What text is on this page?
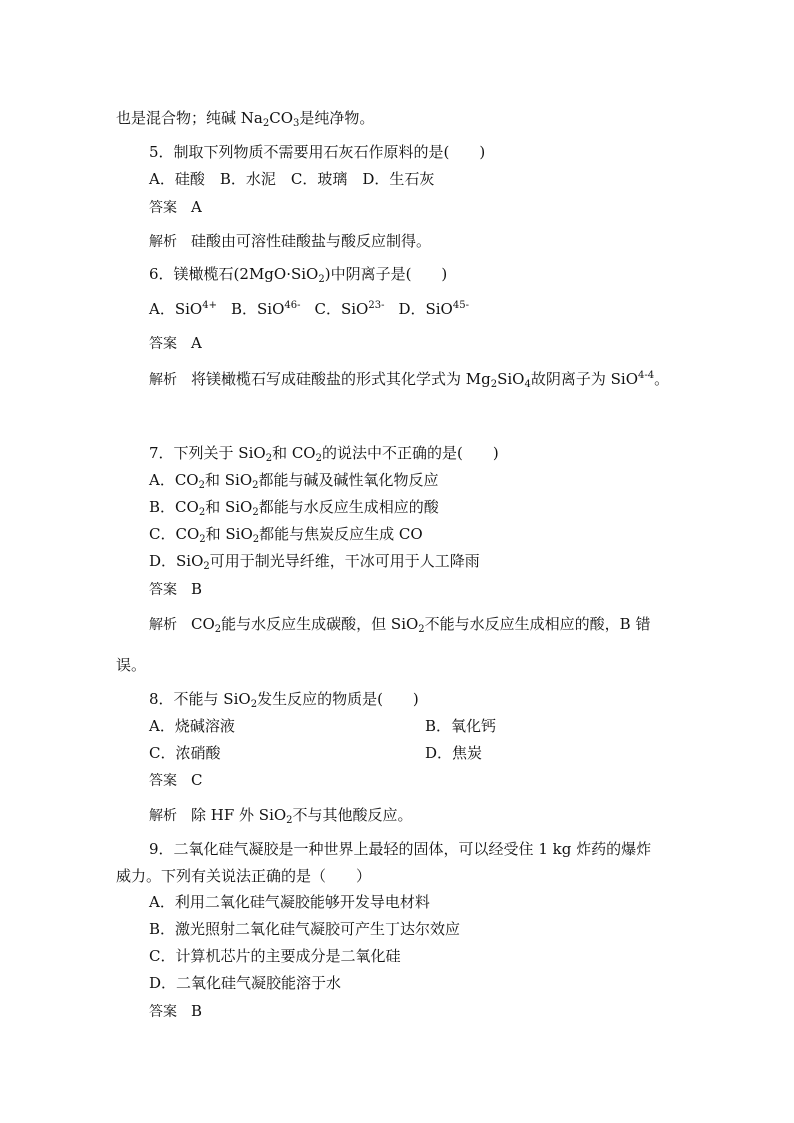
也是混合物；纯碱 $Na_2CO_3$是纯净物。
5．制取下列物质不需要用石灰石作原料的是(　　)
A．硅酸　B．水泥　C．玻璃　D．生石灰
答案 A
解析 硅酸由可溶性硅酸盐与酸反应制得。
6．镁橄榄石(2MgO·SiO$_2$)中阴离子是(　　)
A．SiO$^{4+}$ B．SiO$^{46-}$ C．SiO$^{23-}$ D．SiO$^{45-}$
答案 A
解析 将镁橄榄石写成硅酸盐的形式其化学式为 $Mg_2SiO_4$故阴离子为 SiO$^{4-4}$。
7．下列关于 SiO$_2$和 $CO_2$的说法中不正确的是(　　)
A．$CO_2$和 SiO$_2$都能与碱及碱性氧化物反应
B．$CO_2$和 SiO$_2$都能与水反应生成相应的酸
C．$CO_2$和 SiO$_2$都能与焦炭反应生成 CO
D．SiO$_2$可用于制光导纤维，干冰可用于人工降雨
答案 B
解析 $CO_2$能与水反应生成碳酸，但 SiO$_2$不能与水反应生成相应的酸，B 错
误。
8．不能与 SiO$_2$发生反应的物质是(　　)
A．烧碱溶液	B．氧化钙
C．浓硝酸	D．焦炭
答案 C
解析 除 HF 外 SiO$_2$不与其他酸反应。
9．二氧化硅气凝胶是一种世界上最轻的固体，可以经受住 1 kg 炸药的爆炸
威力。下列有关说法正确的是（　　）
A．利用二氧化硅气凝胶能够开发导电材料
B．激光照射二氧化硅气凝胶可产生丁达尔效应
C．计算机芯片的主要成分是二氧化硅
D．二氧化硅气凝胶能溶于水
答案 B
